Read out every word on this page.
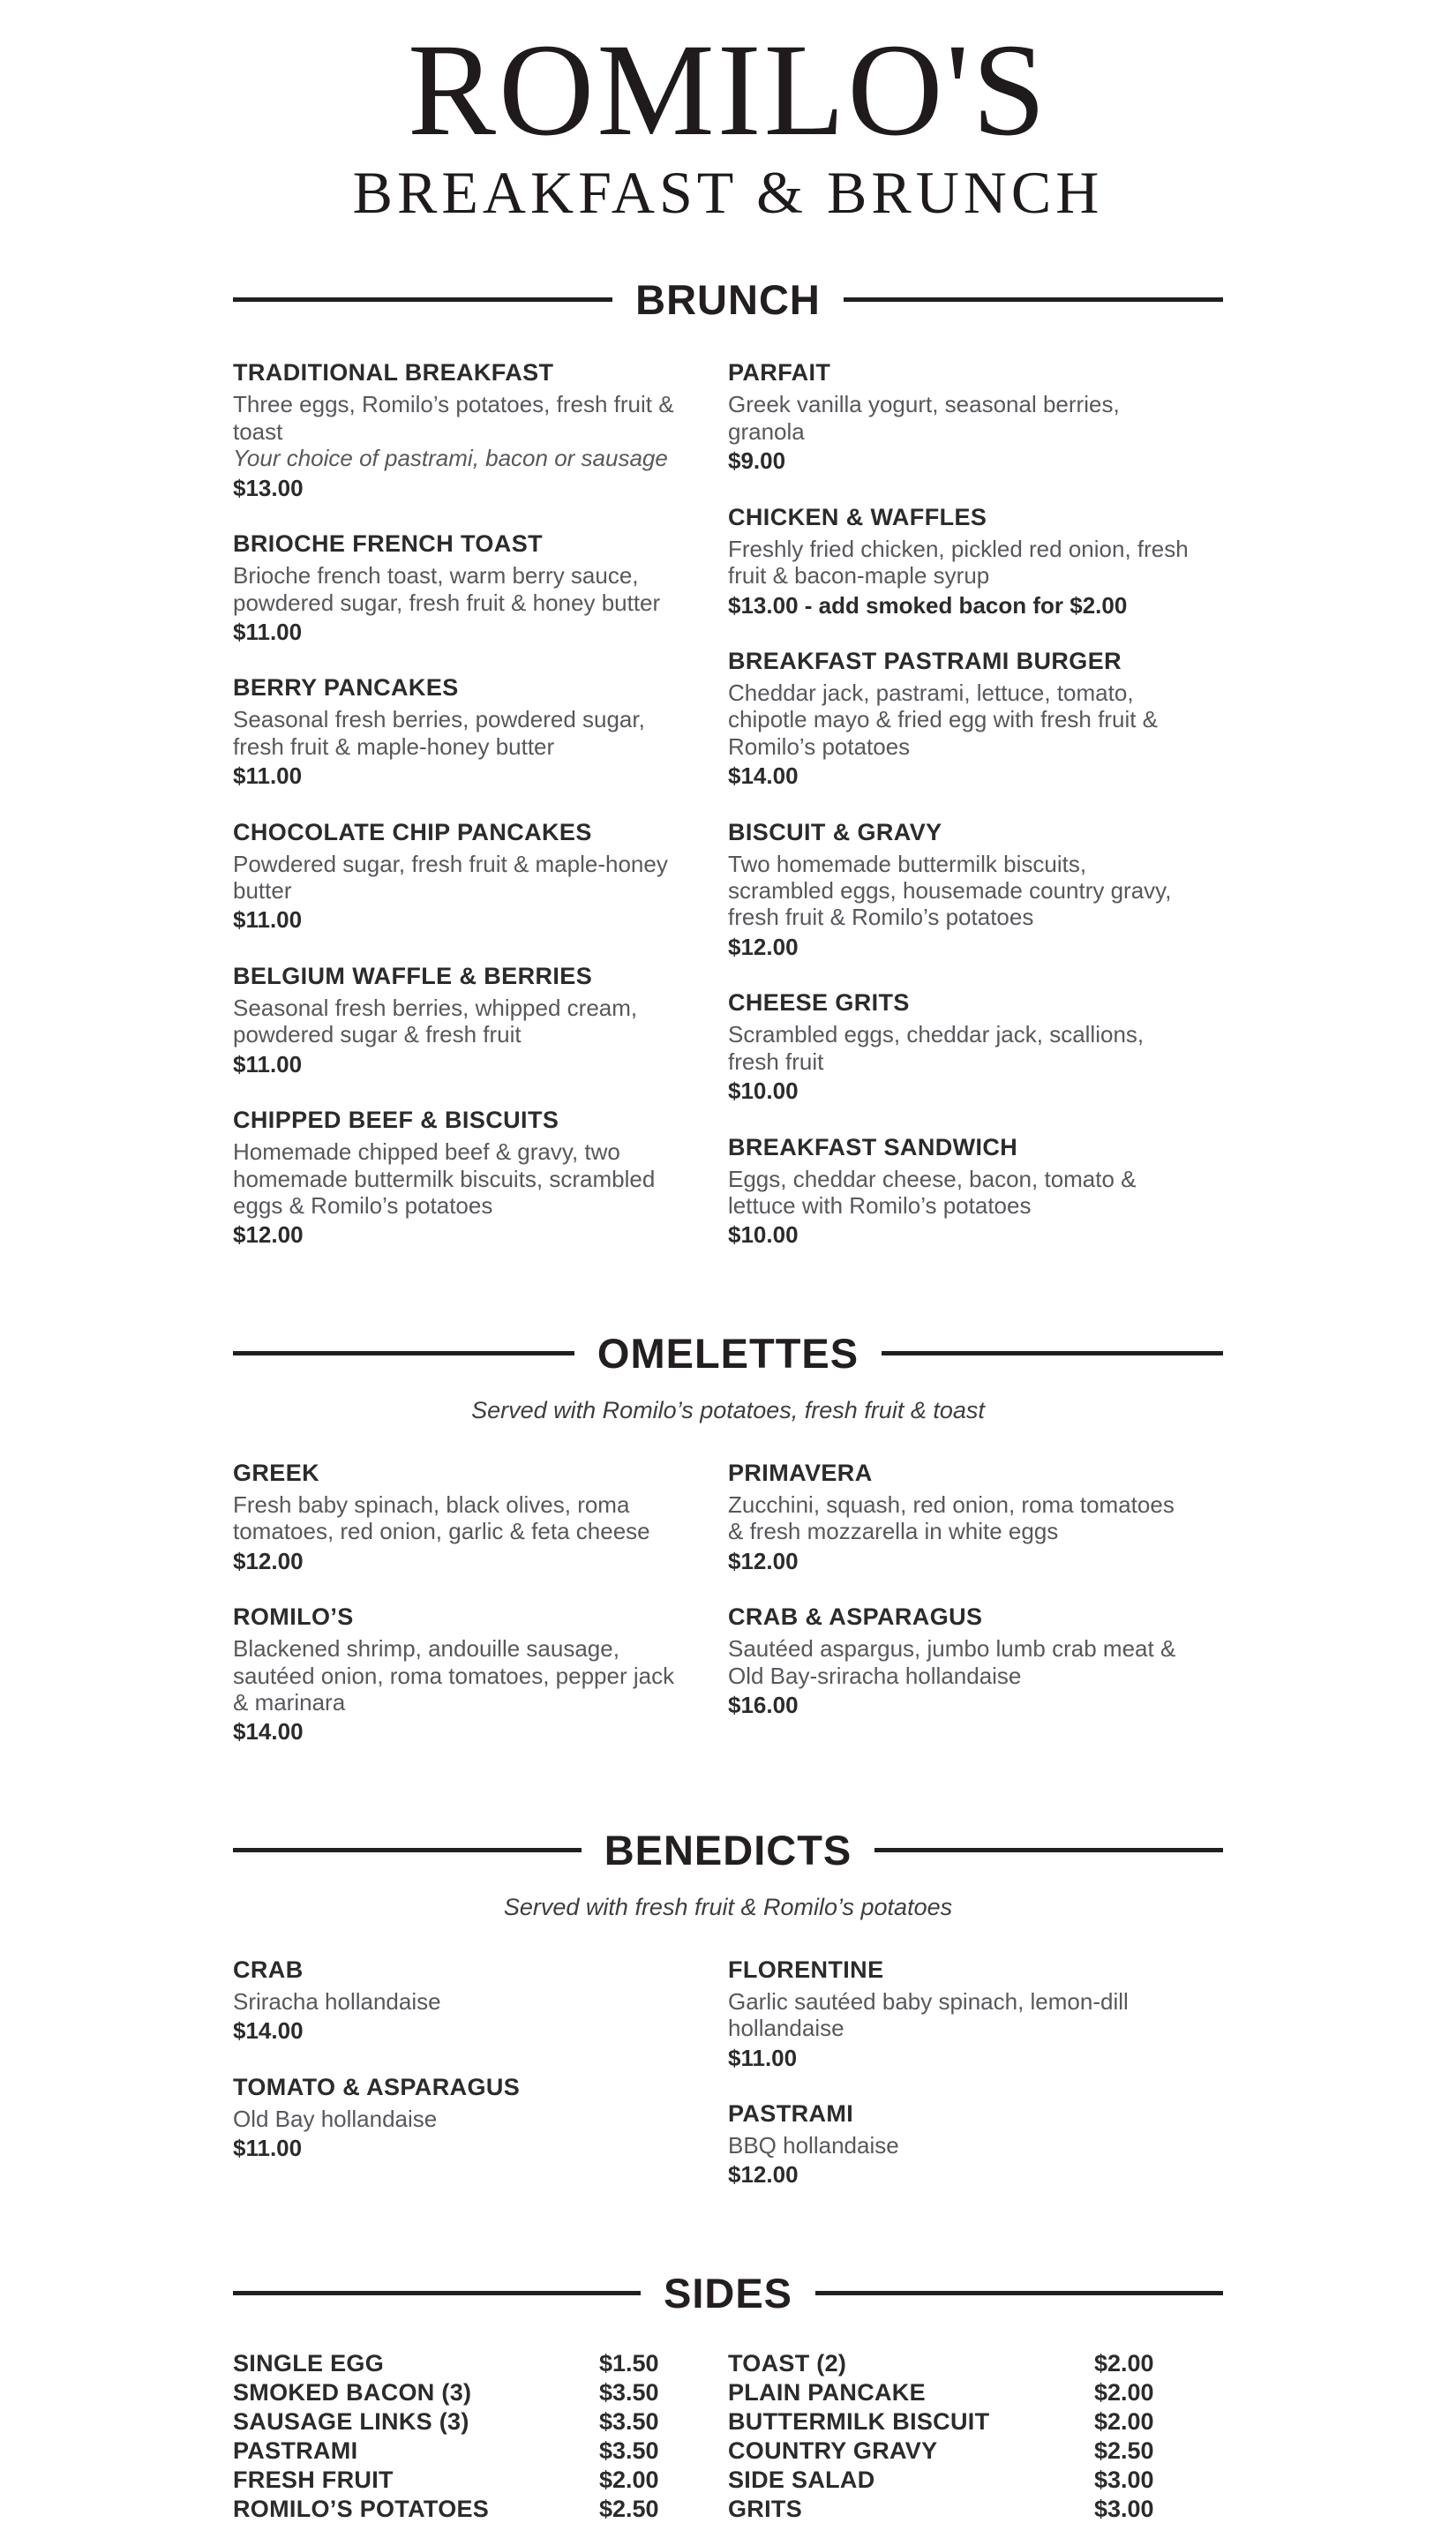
ROMILO'S
BREAKFAST & BRUNCH
BRUNCH
TRADITIONAL BREAKFAST
Three eggs, Romilo’s potatoes, fresh fruit & toast
Your choice of pastrami, bacon or sausage
$13.00
BRIOCHE FRENCH TOAST
Brioche french toast, warm berry sauce, powdered sugar, fresh fruit & honey butter
$11.00
BERRY PANCAKES
Seasonal fresh berries, powdered sugar, fresh fruit & maple-honey butter
$11.00
CHOCOLATE CHIP PANCAKES
Powdered sugar, fresh fruit & maple-honey butter
$11.00
BELGIUM WAFFLE & BERRIES
Seasonal fresh berries, whipped cream, powdered sugar & fresh fruit
$11.00
CHIPPED BEEF & BISCUITS
Homemade chipped beef & gravy, two homemade buttermilk biscuits, scrambled eggs & Romilo’s potatoes
$12.00
PARFAIT
Greek vanilla yogurt, seasonal berries, granola
$9.00
CHICKEN & WAFFLES
Freshly fried chicken, pickled red onion, fresh fruit & bacon-maple syrup
$13.00 - add smoked bacon for $2.00
BREAKFAST PASTRAMI BURGER
Cheddar jack, pastrami, lettuce, tomato, chipotle mayo & fried egg with fresh fruit & Romilo’s potatoes
$14.00
BISCUIT & GRAVY
Two homemade buttermilk biscuits, scrambled eggs, housemade country gravy, fresh fruit & Romilo’s potatoes
$12.00
CHEESE GRITS
Scrambled eggs, cheddar jack, scallions, fresh fruit
$10.00
BREAKFAST SANDWICH
Eggs, cheddar cheese, bacon, tomato & lettuce with Romilo’s potatoes
$10.00
OMELETTES
Served with Romilo’s potatoes, fresh fruit & toast
GREEK
Fresh baby spinach, black olives, roma tomatoes, red onion, garlic & feta cheese
$12.00
ROMILO’S
Blackened shrimp, andouille sausage, sautéed onion, roma tomatoes, pepper jack & marinara
$14.00
PRIMAVERA
Zucchini, squash, red onion, roma tomatoes & fresh mozzarella in white eggs
$12.00
CRAB & ASPARAGUS
Sautéed aspargus, jumbo lumb crab meat & Old Bay-sriracha hollandaise
$16.00
BENEDICTS
Served with fresh fruit & Romilo’s potatoes
CRAB
Sriracha hollandaise
$14.00
TOMATO & ASPARAGUS
Old Bay hollandaise
$11.00
FLORENTINE
Garlic sautéed baby spinach, lemon-dill hollandaise
$11.00
PASTRAMI
BBQ hollandaise
$12.00
SIDES
SINGLE EGG	$1.50
SMOKED BACON (3)	$3.50
SAUSAGE LINKS (3)	$3.50
PASTRAMI	$3.50
FRESH FRUIT	$2.00
ROMILO’S POTATOES	$2.50
TOAST (2)	$2.00
PLAIN PANCAKE	$2.00
BUTTERMILK BISCUIT	$2.00
COUNTRY GRAVY	$2.50
SIDE SALAD	$3.00
GRITS	$3.00
